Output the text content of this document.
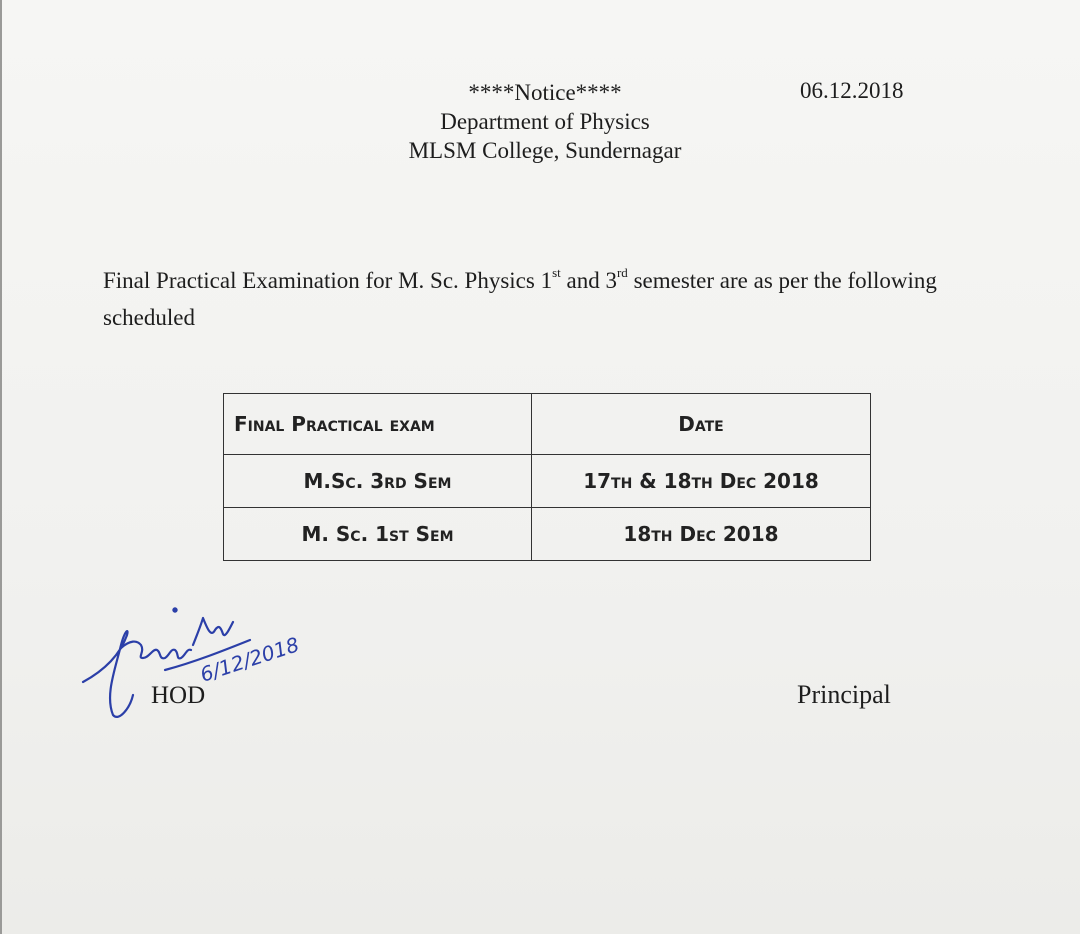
****Notice****
Department of Physics
MLSM College, Sundernagar
06.12.2018
Final Practical Examination for M. Sc. Physics 1st and 3rd semester are as per the following scheduled
Final Practical exam	Date
M.Sc. 3rd Sem	17th & 18th Dec 2018
M. Sc. 1st Sem	18th Dec 2018
6/12/2018
HOD	Principal
